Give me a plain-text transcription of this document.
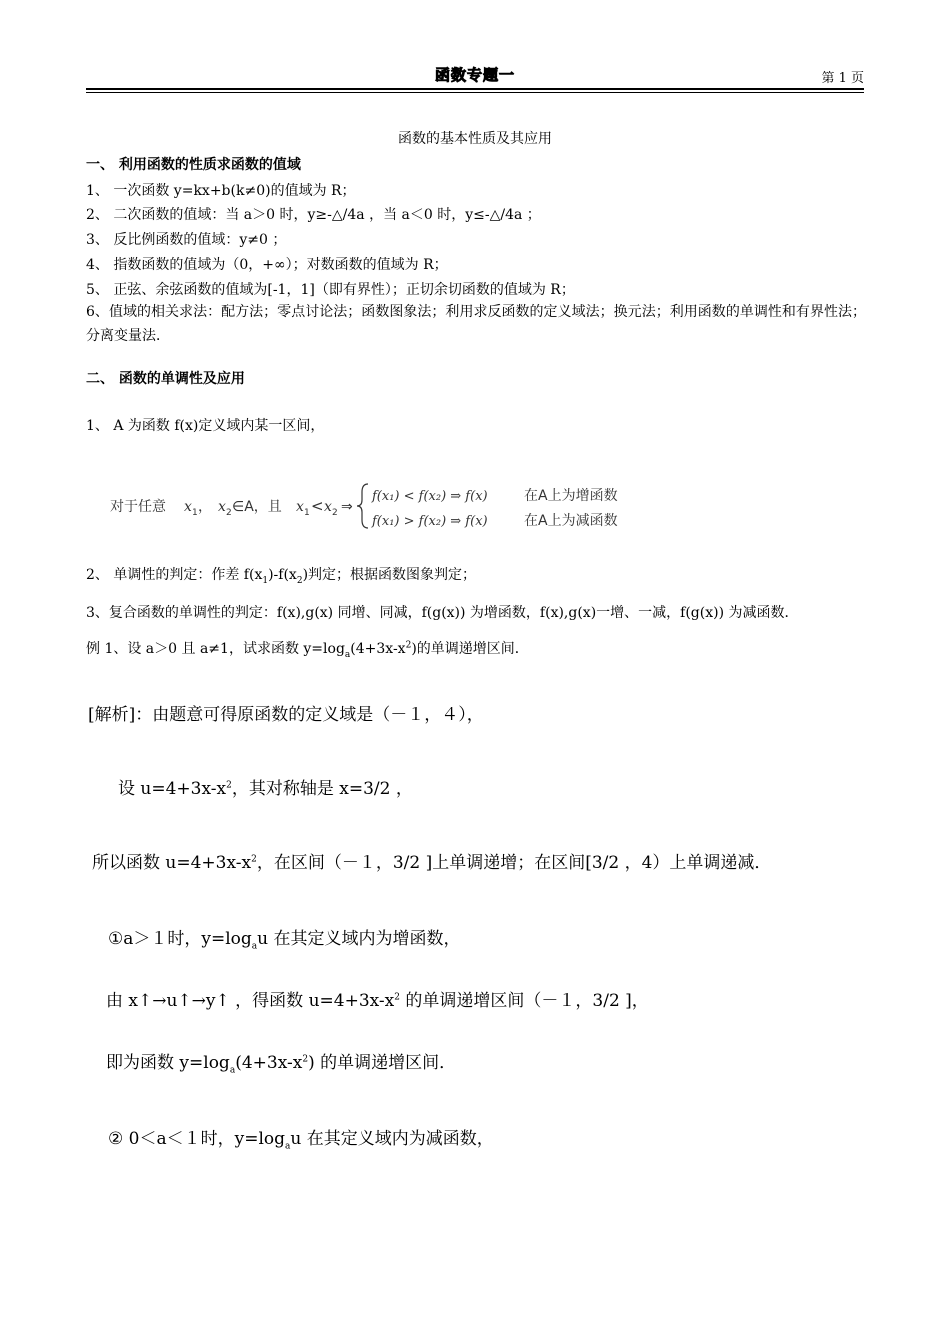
函数专题一	第 1 页
函数的基本性质及其应用
一、 利用函数的性质求函数的值域
1、 一次函数 y=kx+b(k≠0)的值域为 R；
2、 二次函数的值域：当 a＞0 时，y≥-△/4a ，当 a＜0 时，y≤-△/4a ；
3、 反比例函数的值域：y≠0 ；
4、 指数函数的值域为（0，+∞）；对数函数的值域为 R；
5、 正弦、余弦函数的值域为[-1，1]（即有界性）；正切余切函数的值域为 R；
6、值域的相关求法：配方法；零点讨论法；函数图象法；利用求反函数的定义域法；换元法；利用函数的单调性和有界性法；分离变量法．
二、 函数的单调性及应用
1、 A 为函数 f(x)定义域内某一区间，
对于任意 x 1 ， x 2 ∈A，且 x 1 < x 2 ⇒
f(x₁) < f(x₂) ⇒ f(x)	在A上为增函数
f(x₁) > f(x₂) ⇒ f(x)	在A上为减函数
2、 单调性的判定：作差 $f(x_1)-f(x_2)$判定；根据函数图象判定；
3、复合函数的单调性的判定：f(x),g(x) 同增、同减，f(g(x)) 为增函数，f(x),g(x)一增、一减，f(g(x)) 为减函数．
例 1、设 a＞0 且 a≠1，试求函数 $y=\log_a(4+3x-x^2)$的单调递增区间．
[解析]：由题意可得原函数的定义域是（－１，４），
设 $u=4+3x-x^2$，其对称轴是 x=3/2 ，
所以函数 $u=4+3x-x^2$，在区间（－１，3/2 ]上单调递增；在区间[3/2 ，4）上单调递减．
①a＞１时，$y=\log_au$ 在其定义域内为增函数，
由 x↑→u↑→y↑ ，得函数 $u=4+3x-x^2$ 的单调递增区间（－１，3/2 ]，
即为函数 $y=\log_a(4+3x-x^2)$ 的单调递增区间．
② 0＜a＜１时，$y=\log_au$ 在其定义域内为减函数，
